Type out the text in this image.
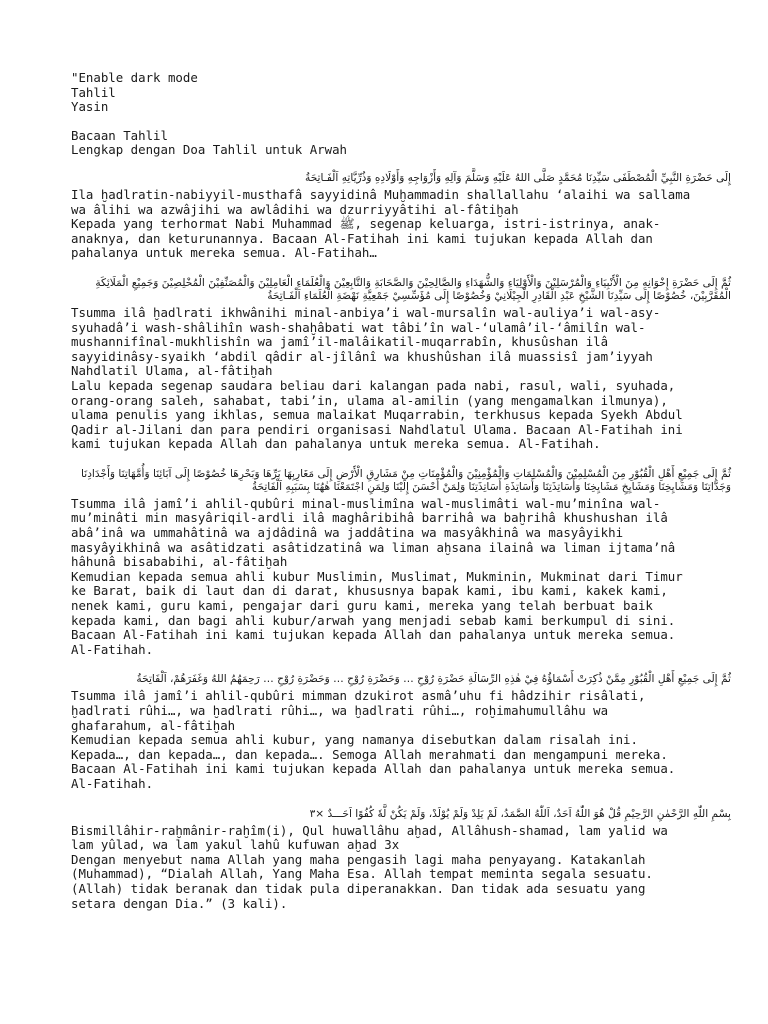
"Enable dark mode

Tahlil

Yasin

Bacaan Tahlil

Lengkap dengan Doa Tahlil untuk Arwah

إِلَى حَضْرَةِ النَّبِيِّ الْمُصْطَفَى سَيِّدِنَا مُحَمَّدٍ صَلَّى اللهُ عَلَيْهِ وَسَلَّمَ وَآلِهِ وَأَزْوَاجِهِ وَأَوْلَادِهِ وَذُرِّيَّاتِهِ اَلْفَـاتِحَةُ

Ila ḫadlratin-nabiyyil-musthafâ sayyidinâ Muḫammadin shallallahu ‘alaihi wa sallama
wa âlihi wa azwâjihi wa awlâdihi wa dzurriyyâtihi al-fâtiḫah

Kepada yang terhormat Nabi Muhammad ﷺ, segenap keluarga, istri-istrinya, anak-
anaknya, dan keturunannya. Bacaan Al-Fatihah ini kami tujukan kepada Allah dan
pahalanya untuk mereka semua. Al-Fatihah…

ثُمَّ إِلَى حَضْرَةِ إِخْوَانِهِ مِنَ الْأَنْبِيَاءِ وَالْمُرْسَلِيْنَ وَالْأَوْلِيَاءِ وَالشُّهَدَاءِ وَالصَّالِحِيْنَ وَالصَّحَابَةِ وَالتَّابِعِيْنَ وَالْعُلَمَاءِ الْعَامِلِيْنَ وَالْمُصَنِّفِيْنَ الْمُخْلِصِيْنَ وَجَمِيْعِ الْمَلَائِكَةِ الْمُقَرَّبِيْنَ، خُصُوْصًا إِلَى سَيِّدِنَا الشَّيْخِ عَبْدِ الْقَادِرِ الْجِيْلَانِيْ وَخُصُوْصًا إِلَى مُؤَسِّسِيْ جَمْعِيَّةِ نَهْضَةِ الْعُلَمَاءِ اَلْفَـاتِحَةُ

Tsumma ilâ ḫadlrati ikhwânihi minal-anbiya’i wal-mursalîn wal-auliya’i wal-asy-
syuhadâ’i wash-shâlihîn wash-shaḫâbati wat tâbi’în wal-‘ulamâ’il-‘âmilîn wal-
mushannifînal-mukhlishîn wa jamî’il-malâikatil-muqarrabîn, khusûshan ilâ
sayyidinâsy-syaikh ‘abdil qâdir al-jîlânî wa khushûshan ilâ muassisî jam’iyyah
Nahdlatil Ulama, al-fâtiḫah

Lalu kepada segenap saudara beliau dari kalangan pada nabi, rasul, wali, syuhada,
orang-orang saleh, sahabat, tabi’in, ulama al-amilin (yang mengamalkan ilmunya),
ulama penulis yang ikhlas, semua malaikat Muqarrabin, terkhusus kepada Syekh Abdul
Qadir al-Jilani dan para pendiri organisasi Nahdlatul Ulama. Bacaan Al-Fatihah ini
kami tujukan kepada Allah dan pahalanya untuk mereka semua. Al-Fatihah.

ثُمَّ إِلَى جَمِيْعِ أَهْلِ الْقُبُوْرِ مِنَ الْمُسْلِمِيْنَ وَالْمُسْلِمَاتِ وَالْمُؤْمِنِيْنَ وَالْمُؤْمِنَاتِ مِنْ مَشَارِقِ الْأَرْضِ إِلَى مَغَارِبِهَا بَرِّهَا وَبَحْرِهَا خُصُوْصًا إِلَى آبَائِنَا وَأُمَّهَاتِنَا وَأَجْدَادِنَا وَجَدَّاتِنَا وَمَشَايِخِنَا وَمَشَايِخِ مَشَايِخِنَا وَأَسَاتِذَتِنَا وَأَسَاتِذَةِ أَسَاتِذَتِنَا وَلِمَنْ أَحْسَنَ إِلَيْنَا وَلِمَنِ اجْتَمَعْنَا هٰهُنَا بِسَبَبِهِ اَلْفَاتِحَةُ

Tsumma ilâ jamî’i ahlil-qubûri minal-muslimîna wal-muslimâti wal-mu’minîna wal-
mu’minâti min masyâriqil-ardli ilâ maghâribihâ barrihâ wa baḫrihâ khushushan ilâ
abâ’inâ wa ummahâtinâ wa ajdâdinâ wa jaddâtina wa masyâkhinâ wa masyâyikhi
masyâyikhinâ wa asâtidzati asâtidzatinâ wa liman aḫsana ilainâ wa liman ijtama’nâ
hâhunâ bisababihi, al-fâtiḫah

Kemudian kepada semua ahli kubur Muslimin, Muslimat, Mukminin, Mukminat dari Timur
ke Barat, baik di laut dan di darat, khususnya bapak kami, ibu kami, kakek kami,
nenek kami, guru kami, pengajar dari guru kami, mereka yang telah berbuat baik
kepada kami, dan bagi ahli kubur/arwah yang menjadi sebab kami berkumpul di sini.
Bacaan Al-Fatihah ini kami tujukan kepada Allah dan pahalanya untuk mereka semua.
Al-Fatihah.

ثُمَّ إِلَى جَمِيْعِ أَهْلِ الْقُبُوْرِ مِمَّنْ ذُكِرَتْ أَسْمَاؤُهُ فِيْ هٰذِهِ الرِّسَالَةِ حَضْرَةِ رُوْحِ … وَحَضْرَةِ رُوْحِ … وَحَضْرَةِ رُوْحِ … رَحِمَهُمُ اللهُ وَغَفَرَهُمْ، اَلْفَاتِحَةُ

Tsumma ilâ jamî’i ahlil-qubûri mimman dzukirot asmâ’uhu fi hâdzihir risâlati,
ḫadlrati rûhi…, wa ḫadlrati rûhi…, wa ḫadlrati rûhi…, roḫimahumullâhu wa
ghafarahum, al-fâtiḫah

Kemudian kepada semua ahli kubur, yang namanya disebutkan dalam risalah ini.
Kepada…, dan kepada…, dan kepada…. Semoga Allah merahmati dan mengampuni mereka.
Bacaan Al-Fatihah ini kami tujukan kepada Allah dan pahalanya untuk mereka semua.
Al-Fatihah.

بِسْمِ اللّٰهِ الرَّحْمٰنِ الرَّحِيْمِ قُلْ هُوَ اللّٰهُ اَحَدٌ، اَللّٰهُ الصَّمَدُ، لَمْ يَلِدْ وَلَمْ يُوْلَدْ، وَلَمْ يَكُنْ لَّهٗ كُفُوًا اَحَـــدٌ ×٣

Bismillâhir-raḫmânir-raḫîm(i), Qul huwallâhu aḫad, Allâhush-shamad, lam yalid wa
lam yûlad, wa lam yakul lahû kufuwan aḫad 3x

Dengan menyebut nama Allah yang maha pengasih lagi maha penyayang. Katakanlah
(Muhammad), “Dialah Allah, Yang Maha Esa. Allah tempat meminta segala sesuatu.
(Allah) tidak beranak dan tidak pula diperanakkan. Dan tidak ada sesuatu yang
setara dengan Dia.” (3 kali).
